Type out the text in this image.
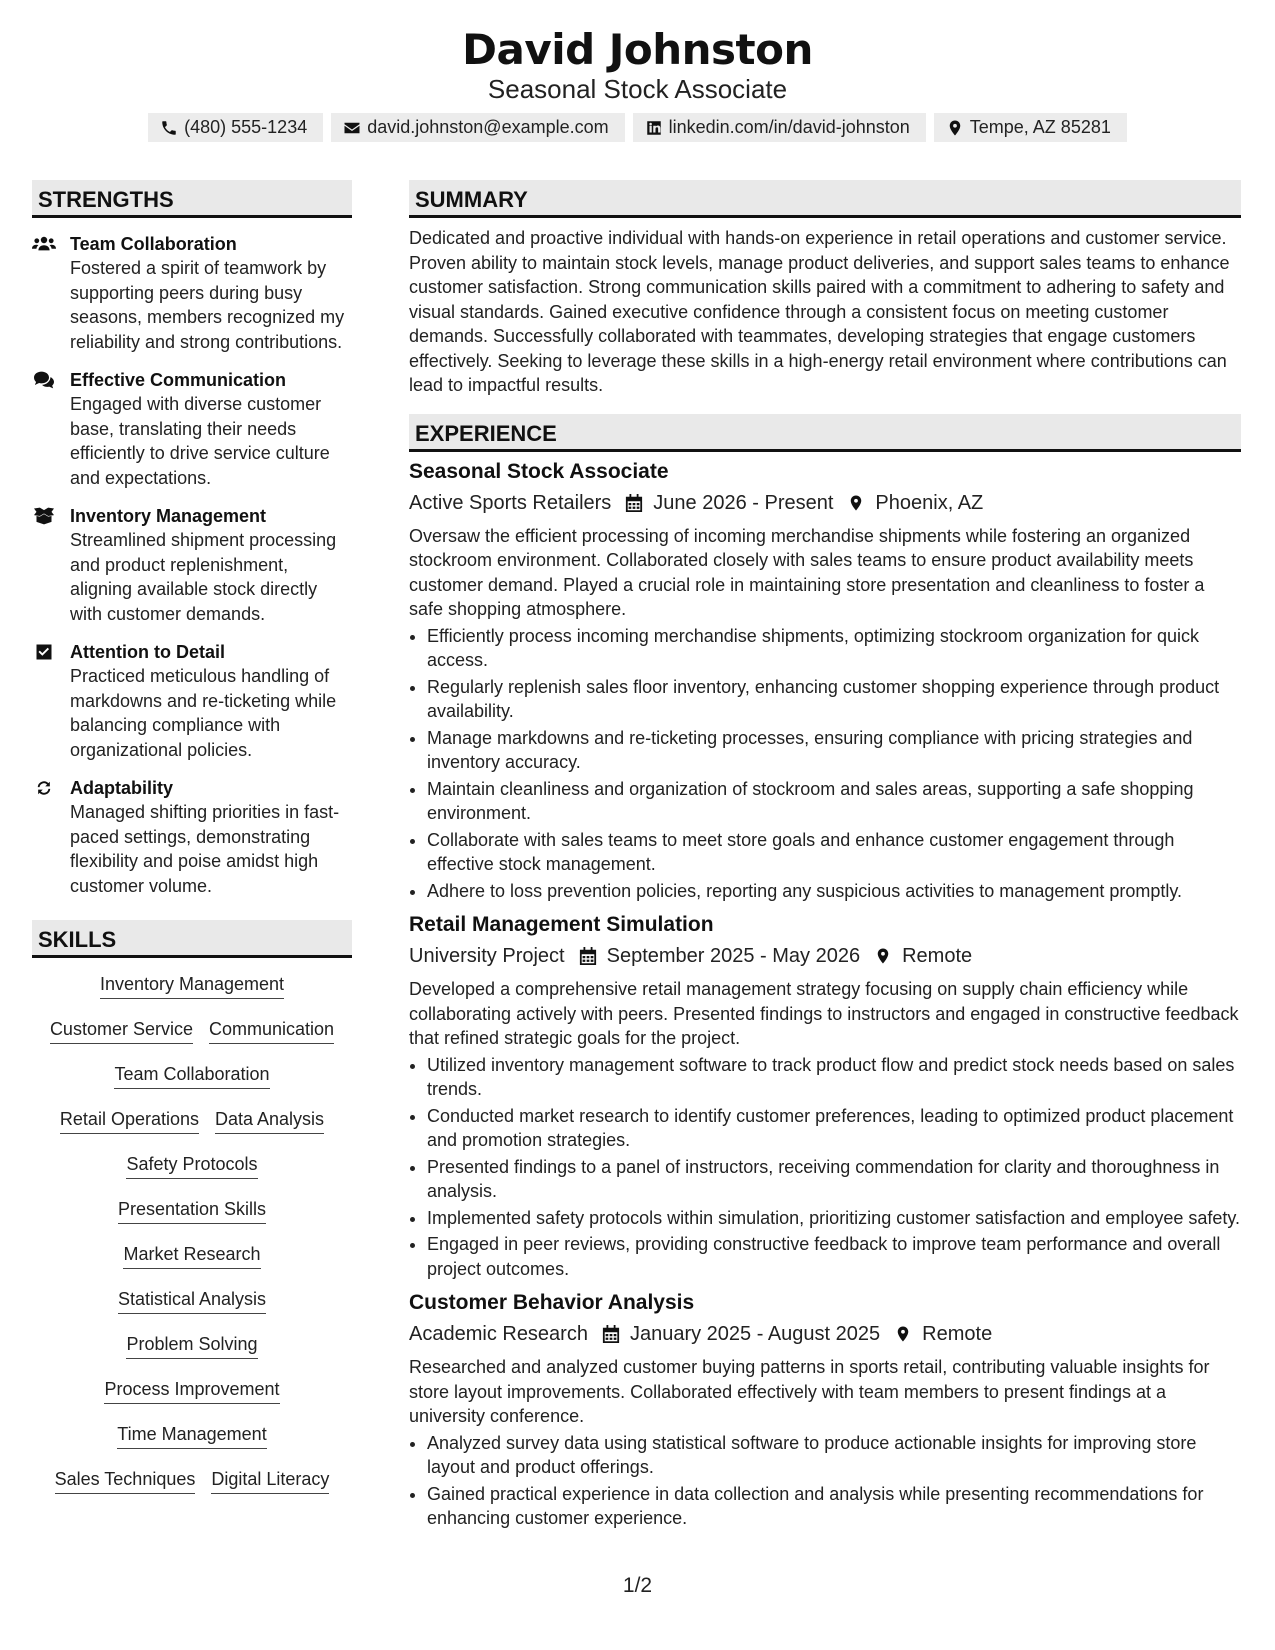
David Johnston
Seasonal Stock Associate
(480) 555-1234	david.johnston@example.com	linkedin.com/in/david-johnston	Tempe, AZ 85281
STRENGTHS
Team Collaboration
Fostered a spirit of teamwork by supporting peers during busy seasons, members recognized my reliability and strong contributions.
Effective Communication
Engaged with diverse customer base, translating their needs efficiently to drive service culture and expectations.
Inventory Management
Streamlined shipment processing and product replenishment, aligning available stock directly with customer demands.
Attention to Detail
Practiced meticulous handling of markdowns and re-ticketing while balancing compliance with organizational policies.
Adaptability
Managed shifting priorities in fast-paced settings, demonstrating flexibility and poise amidst high customer volume.
SKILLS
Inventory Management
Customer Service Communication
Team Collaboration
Retail Operations Data Analysis
Safety Protocols
Presentation Skills
Market Research
Statistical Analysis
Problem Solving
Process Improvement
Time Management
Sales Techniques Digital Literacy
SUMMARY
Dedicated and proactive individual with hands-on experience in retail operations and customer service. Proven ability to maintain stock levels, manage product deliveries, and support sales teams to enhance customer satisfaction. Strong communication skills paired with a commitment to adhering to safety and visual standards. Gained executive confidence through a consistent focus on meeting customer demands. Successfully collaborated with teammates, developing strategies that engage customers effectively. Seeking to leverage these skills in a high-energy retail environment where contributions can lead to impactful results.
EXPERIENCE
Seasonal Stock Associate
Active Sports Retailers June 2026 - Present Phoenix, AZ
Oversaw the efficient processing of incoming merchandise shipments while fostering an organized stockroom environment. Collaborated closely with sales teams to ensure product availability meets customer demand. Played a crucial role in maintaining store presentation and cleanliness to foster a safe shopping atmosphere.
• Efficiently process incoming merchandise shipments, optimizing stockroom organization for quick access.
• Regularly replenish sales floor inventory, enhancing customer shopping experience through product availability.
• Manage markdowns and re-ticketing processes, ensuring compliance with pricing strategies and inventory accuracy.
• Maintain cleanliness and organization of stockroom and sales areas, supporting a safe shopping environment.
• Collaborate with sales teams to meet store goals and enhance customer engagement through effective stock management.
• Adhere to loss prevention policies, reporting any suspicious activities to management promptly.
Retail Management Simulation
University Project September 2025 - May 2026 Remote
Developed a comprehensive retail management strategy focusing on supply chain efficiency while collaborating actively with peers. Presented findings to instructors and engaged in constructive feedback that refined strategic goals for the project.
• Utilized inventory management software to track product flow and predict stock needs based on sales trends.
• Conducted market research to identify customer preferences, leading to optimized product placement and promotion strategies.
• Presented findings to a panel of instructors, receiving commendation for clarity and thoroughness in analysis.
• Implemented safety protocols within simulation, prioritizing customer satisfaction and employee safety.
• Engaged in peer reviews, providing constructive feedback to improve team performance and overall project outcomes.
Customer Behavior Analysis
Academic Research January 2025 - August 2025 Remote
Researched and analyzed customer buying patterns in sports retail, contributing valuable insights for store layout improvements. Collaborated effectively with team members to present findings at a university conference.
• Analyzed survey data using statistical software to produce actionable insights for improving store layout and product offerings.
• Gained practical experience in data collection and analysis while presenting recommendations for enhancing customer experience.
1/2
